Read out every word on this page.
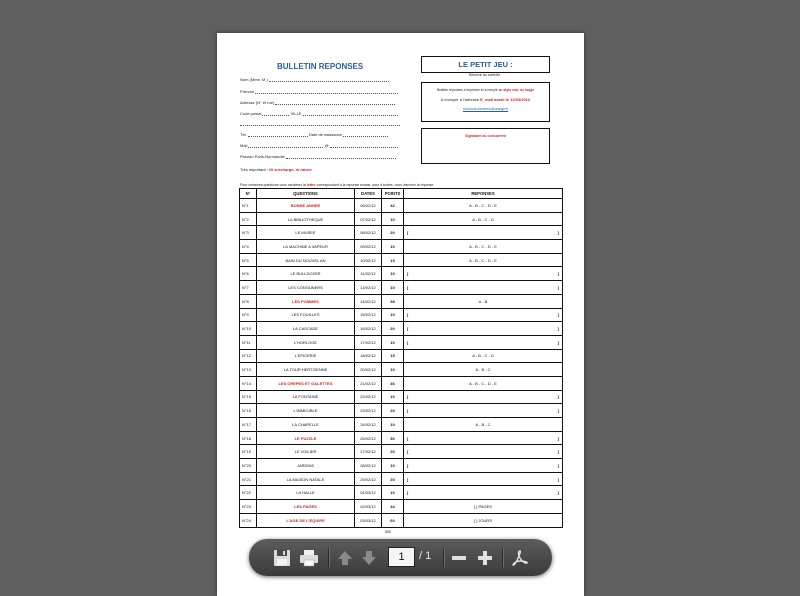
BULLETIN REPONSES
Nom (Mme, M.)
Prénom
Adresse (N° et rue)
Code postal	VILLE
Tél.	Date de naissance
Mail	@
Pseudo Paris-Normandie
Très important : Ni surcharge, ni rature
LE PETIT JEU :
Réservé au contrôle
Bulletin réponses à imprimer et à remplir au stylo noir ou rouge
A envoyer à l'adresse E_mail avant le 12/03/2012
concours.forumeur@orange.fr
Signature du concurrent
Pour certaines questions vous cerclerez la lettre correspondant à la réponse exacte, pour d'autres, vous inscrirez la réponse.
N°	QUESTIONS	DATES	POINTS	REPONSES
N°1	BONNE ANNEE	06/02/12	42	A - B - C - D - E
N°2	LA BIBLIOTHEQUE	07/02/12	10	A - B - C - D
N°3	LE MUSEE	08/02/12	20	[ ]

N°4	LA MACHINE A VAPEUR	09/02/12	10	A - B - C - D - E
N°5	BAIN DU NOUVEL AN	10/02/12	15	A - B - C - D - E
N°6	LE BULLDOZER	11/02/12	10	[ ]

N°7	LES CONTAINERS	13/02/12	10	[ ]

N°8	LES POMMES	14/02/12	38	A - B
N°9	LES FOUILLES	15/02/12	10	[ ]

N°10	LA CASCADE	16/02/12	20	[ ]

N°11	L'HORLOGE	17/02/12	10	[ ]

N°12	L'EPICERIE	18/02/12	15	A - B - C - D
N°13	LA TOUR HERTZIENNE	20/02/12	10	A - B - C
N°14	LES CREPES ET GALETTES	21/02/12	46	A - B - C - D - E
N°15	LA FONTAINE	22/02/12	10	[ ]

N°16	L'IMMEUBLE	23/02/12	20	[ ]

N°17	LA CHAPELLE	24/02/12	10	A - B - C
N°18	LE PUZZLE	25/02/12	30	[ ]

N°19	LE VOILIER	27/02/12	20	[ ]

N°20	JARDINS	28/02/12	10	[ ]

N°21	LA MAISON NATALE	29/02/12	20	[ ]

N°22	LA HALLE	01/03/12	10	[ ]

N°23	LES PAGES	02/03/12	44	[ ] PAGES
N°24	L'AGE DE L'EQUIPE	03/03/12	60	[ ] JOURS
500
1	/ 1
